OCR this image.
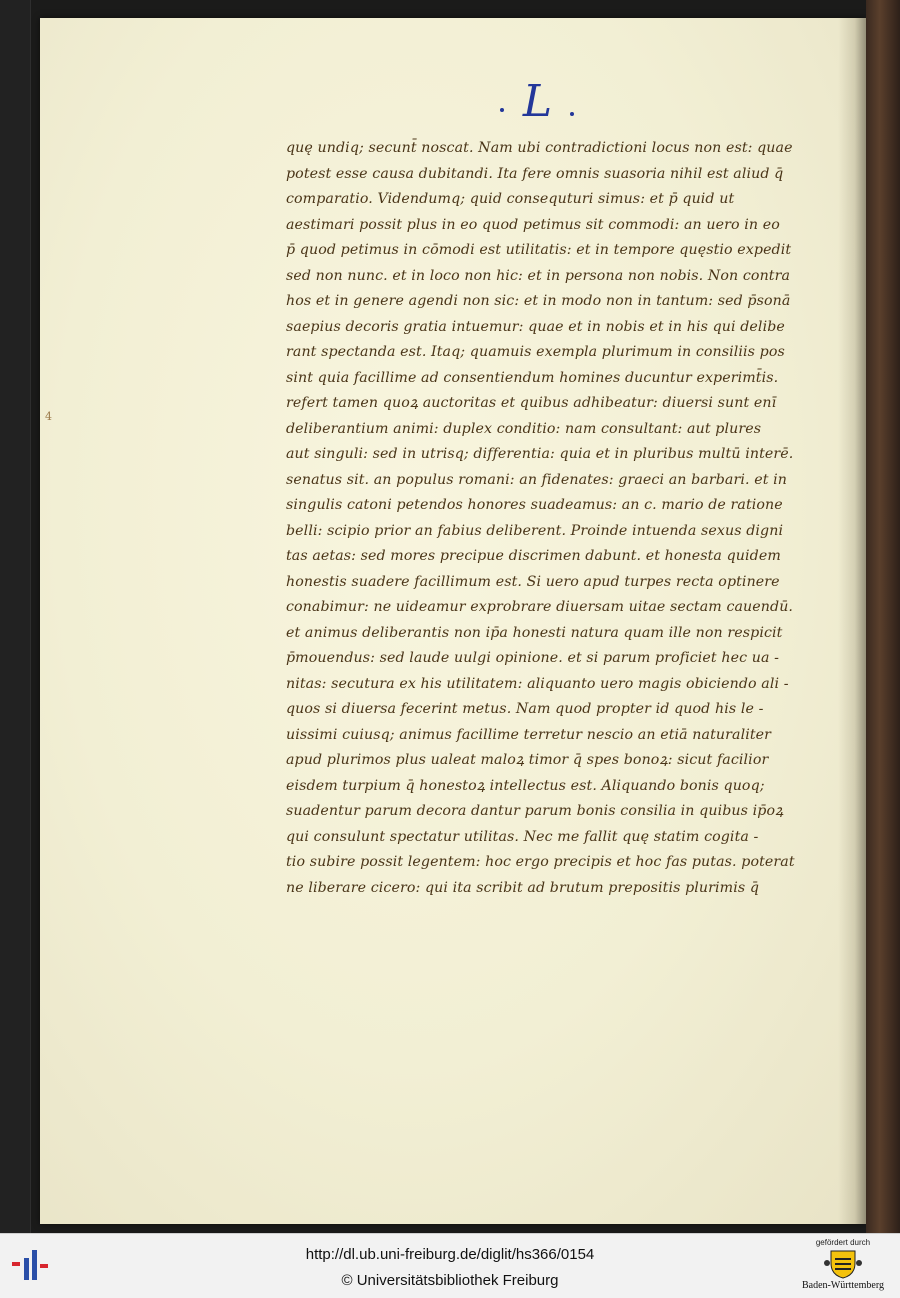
L
4
quę undiq; secunt̄ noscat. Nam ubi contradictioni locus non est: quae
potest esse causa dubitandi. Ita fere omnis suasoria nihil est aliud q̄
comparatio. Videndumq; quid consequturi simus: et p̄ quid ut
aestimari possit plus in eo quod petimus sit commodi: an uero in eo
p̄ quod petimus in cōmodi est utilitatis: et in tempore quęstio expedit
sed non nunc. et in loco non hic: et in persona non nobis. Non contra
hos et in genere agendi non sic: et in modo non in tantum: sed p̄sonā
saepius decoris gratia intuemur: quae et in nobis et in his qui delibe
rant spectanda est. Itaq; quamuis exempla plurimum in consiliis pos
sint quia facillime ad consentiendum homines ducuntur experimt̄is.
refert tamen quoꝝ auctoritas et quibus adhibeatur: diuersi sunt enī
deliberantium animi: duplex conditio: nam consultant: aut plures
aut singuli: sed in utrisq; differentia: quia et in pluribus multū interē.
senatus sit. an populus romani: an fidenates: graeci an barbari. et in
singulis catoni petendos honores suadeamus: an c. mario de ratione
belli: scipio prior an fabius deliberent. Proinde intuenda sexus digni
tas aetas: sed mores precipue discrimen dabunt. et honesta quidem
honestis suadere facillimum est. Si uero apud turpes recta optinere
conabimur: ne uideamur exprobrare diuersam uitae sectam cauendū.
et animus deliberantis non ip̄a honesti natura quam ille non respicit
p̄mouendus: sed laude uulgi opinione. et si parum proficiet hec ua -
nitas: secutura ex his utilitatem: aliquanto uero magis obiciendo ali -
quos si diuersa fecerint metus. Nam quod propter id quod his le -
uissimi cuiusq; animus facillime terretur nescio an etiā naturaliter
apud plurimos plus ualeat maloꝝ timor q̄ spes bonoꝝ: sicut facilior
eisdem turpium q̄ honestoꝝ intellectus est. Aliquando bonis quoq;
suadentur parum decora dantur parum bonis consilia in quibus ip̄oꝝ
qui consulunt spectatur utilitas. Nec me fallit quę statim cogita -
tio subire possit legentem: hoc ergo precipis et hoc fas putas. poterat
ne liberare cicero: qui ita scribit ad brutum prepositis plurimis q̄
http://dl.ub.uni-freiburg.de/diglit/hs366/0154
© Universitätsbibliothek Freiburg
gefördert durch
Baden-Württemberg
